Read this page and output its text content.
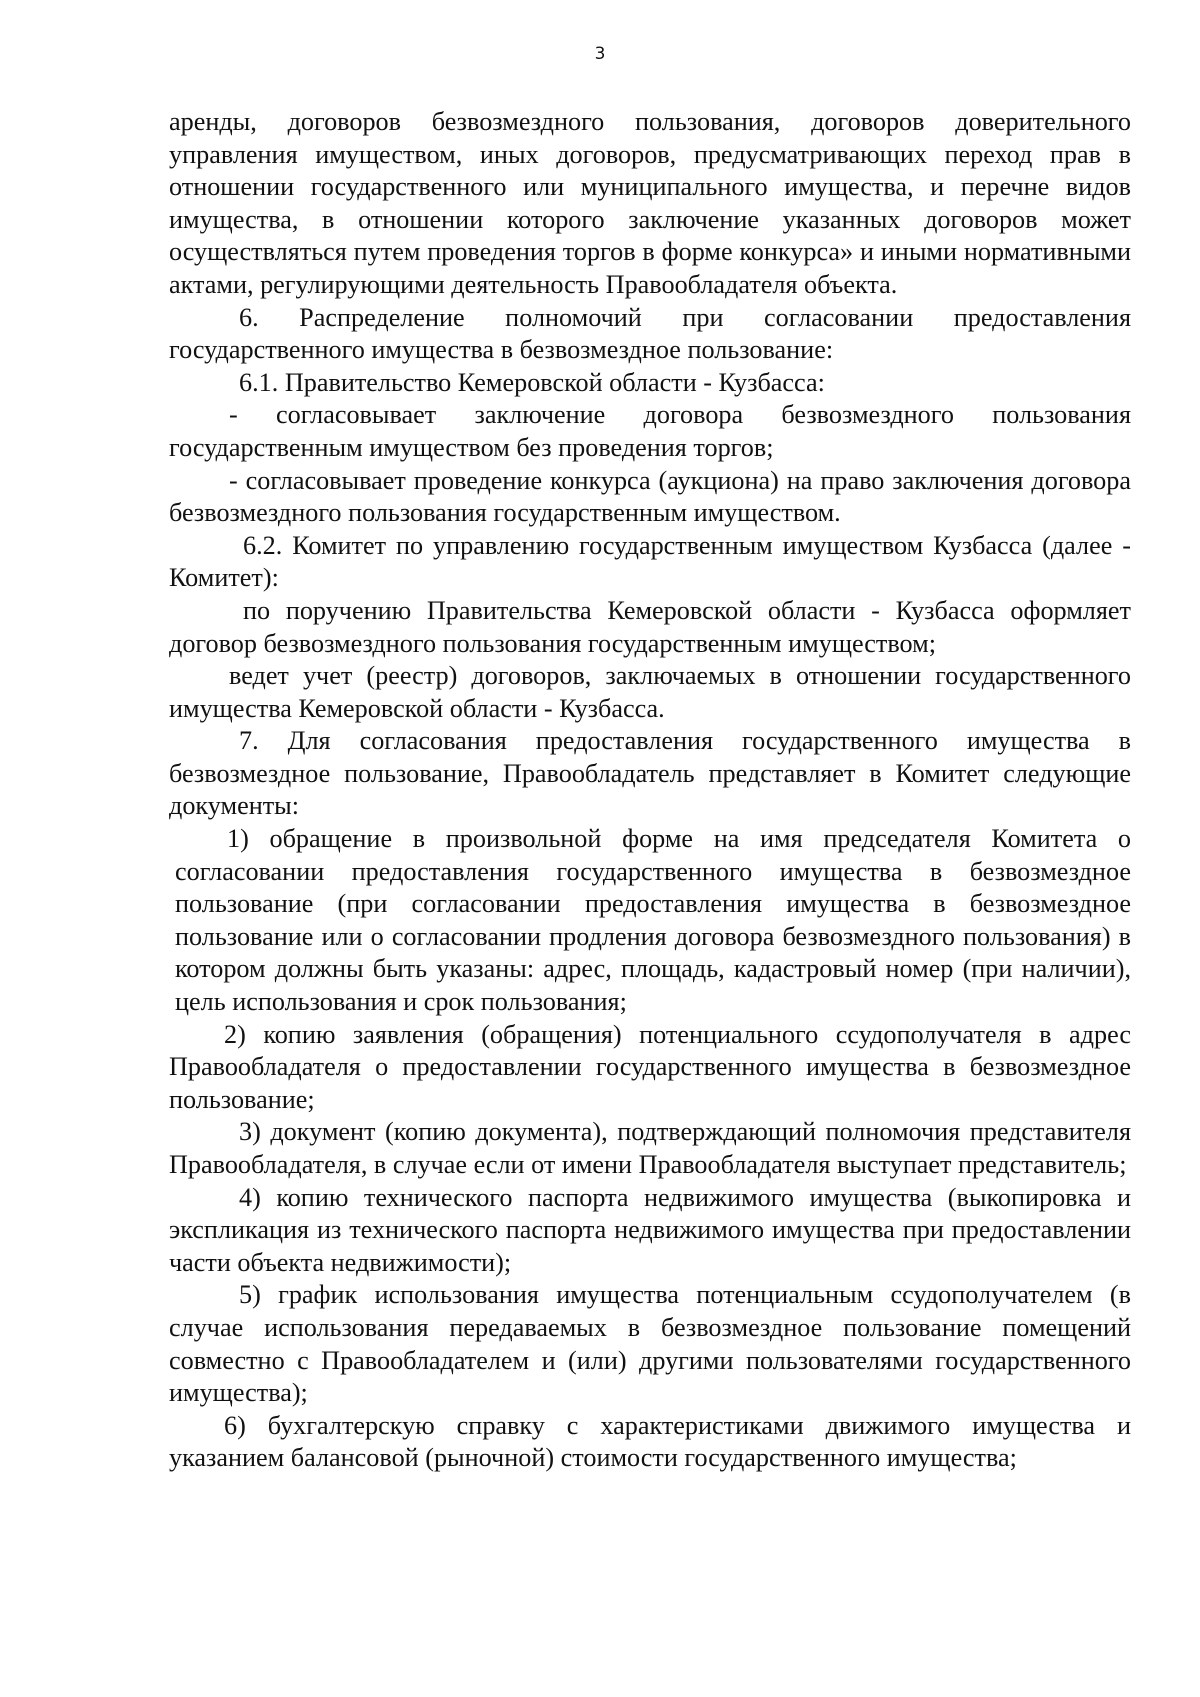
3

аренды, договоров безвозмездного пользования, договоров доверительного управления имуществом, иных договоров, предусматривающих переход прав в отношении государственного или муниципального имущества, и перечне видов имущества, в отношении которого заключение указанных договоров может осуществляться путем проведения торгов в форме конкурса» и иными нормативными актами, регулирующими деятельность Правообладателя объекта.

6. Распределение полномочий при согласовании предоставления государственного имущества в безвозмездное пользование:

6.1. Правительство Кемеровской области - Кузбасса:

- согласовывает заключение договора безвозмездного пользования государственным имуществом без проведения торгов;

- согласовывает проведение конкурса (аукциона) на право заключения договора безвозмездного пользования государственным имуществом.

6.2. Комитет по управлению государственным имуществом Кузбасса (далее - Комитет):

по поручению Правительства Кемеровской области - Кузбасса оформляет договор безвозмездного пользования государственным имуществом;

ведет учет (реестр) договоров, заключаемых в отношении государственного имущества Кемеровской области - Кузбасса.

7. Для согласования предоставления государственного имущества в безвозмездное пользование, Правообладатель представляет в Комитет следующие документы:

1) обращение в произвольной форме на имя председателя Комитета о согласовании предоставления государственного имущества в безвозмездное пользование (при согласовании предоставления имущества в безвозмездное пользование или о согласовании продления договора безвозмездного пользования) в котором должны быть указаны: адрес, площадь, кадастровый номер (при наличии), цель использования и срок пользования;

2) копию заявления (обращения) потенциального ссудополучателя в адрес Правообладателя о предоставлении государственного имущества в безвозмездное пользование;

3) документ (копию документа), подтверждающий полномочия представителя Правообладателя, в случае если от имени Правообладателя выступает представитель;

4) копию технического паспорта недвижимого имущества (выкопировка и экспликация из технического паспорта недвижимого имущества при предоставлении части объекта недвижимости);

5) график использования имущества потенциальным ссудополучателем (в случае использования передаваемых в безвозмездное пользование помещений совместно с Правообладателем и (или) другими пользователями государственного имущества);

6) бухгалтерскую справку с характеристиками движимого имущества и указанием балансовой (рыночной) стоимости государственного имущества;
